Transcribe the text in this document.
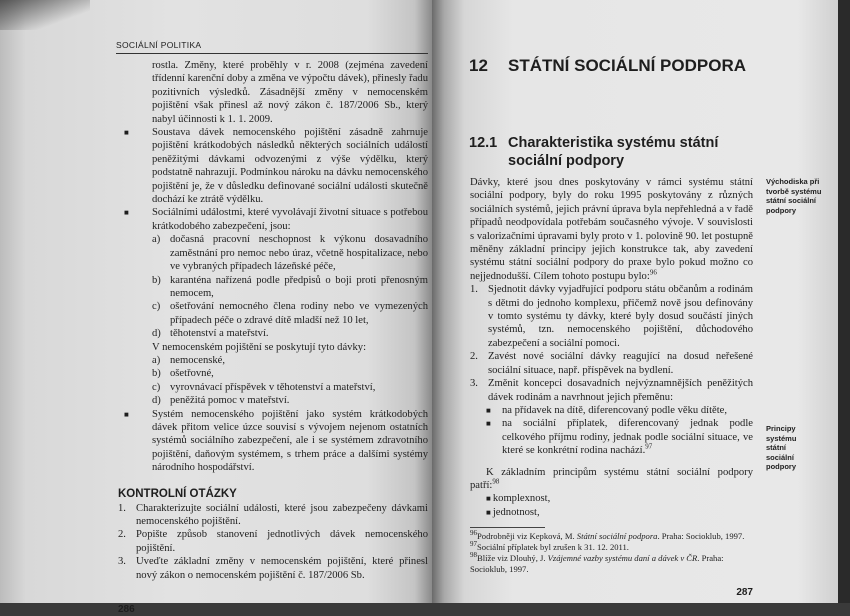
SOCIÁLNÍ POLITIKA

rostla. Změny, které proběhly v r. 2008 (zejména zavedení třídenní karenční doby a změna ve výpočtu dávek), přinesly řadu pozitivních výsledků. Zásadnější změny v nemocenském pojištění však přinesl až nový zákon č. 187/2006 Sb., který nabyl účinnosti k 1. 1. 2009.

■ Soustava dávek nemocenského pojištění zásadně zahrnuje pojištění krátkodobých následků některých sociálních událostí peněžitými dávkami odvozenými z výše výdělku, který podstatně nahrazují. Podmínkou nároku na dávku nemocenského pojištění je, že v důsledku definované sociální události skutečně dochází ke ztrátě výdělku.

■ Sociálními událostmi, které vyvolávají životní situace s potřebou krátkodobého zabezpečení, jsou:

a) dočasná pracovní neschopnost k výkonu dosavadního zaměstnání pro nemoc nebo úraz, včetně hospitalizace, nebo ve vybraných případech lázeňské péče,

b) karanténa nařízená podle předpisů o boji proti přenosným nemocem,

c) ošetřování nemocného člena rodiny nebo ve vymezených případech péče o zdravé dítě mladší než 10 let,

d) těhotenství a mateřství.

V nemocenském pojištění se poskytují tyto dávky:

a) nemocenské,

b) ošetřovné,

c) vyrovnávací příspěvek v těhotenství a mateřství,

d) peněžitá pomoc v mateřství.

■ Systém nemocenského pojištění jako systém krátkodobých dávek přitom velice úzce souvisí s vývojem nejenom ostatních systémů sociálního zabezpečení, ale i se systémem zdravotního pojištění, daňovým systémem, s trhem práce a dalšími systémy národního hospodářství.

KONTROLNÍ OTÁZKY

1. Charakterizujte sociální události, které jsou zabezpečeny dávkami nemocenského pojištění.

2. Popište způsob stanovení jednotlivých dávek nemocenského pojištění.

3. Uveďte základní změny v nemocenském pojištění, které přinesl nový zákon o nemocenském pojištění č. 187/2006 Sb.

286
12	STÁTNÍ SOCIÁLNÍ PODPORA
12.1 Charakteristika systému státní sociální podpory

Dávky, které jsou dnes poskytovány v rámci systému státní sociální podpory, byly do roku 1995 poskytovány z různých sociálních systémů, jejich právní úprava byla nepřehledná a v řadě případů neodpovídala potřebám současného vývoje. V souvislosti s valorizačními úpravami byly proto v 1. polovině 90. let postupně měněny základní principy jejich konstrukce tak, aby zavedení systému státní sociální podpory do praxe bylo pokud možno co nejjednodušší. Cílem tohoto postupu bylo:$^{96}$

1. Sjednotit dávky vyjadřující podporu státu občanům a rodinám s dětmi do jednoho komplexu, přičemž nově jsou definovány v tomto systému ty dávky, které byly dosud součástí jiných systémů, tzn. nemocenského pojištění, důchodového zabezpečení a sociální pomoci.

2. Zavést nové sociální dávky reagující na dosud neřešené sociální situace, např. příspěvek na bydlení.

3. Změnit koncepci dosavadních nejvýznamnějších peněžitých dávek rodinám a navrhnout jejich přeměnu:

■ na přídavek na dítě, diferencovaný podle věku dítěte,

■ na sociální příplatek, diferencovaný jednak podle celkového příjmu rodiny, jednak podle sociální situace, ve které se konkrétní rodina nachází.$^{97}$

K základním principům systému státní sociální podpory patří:$^{98}$

■ komplexnost,

■ jednotnost,

$^{96}$Podrobněji viz Kepková, M. Státní sociální podpora. Praha: Socioklub, 1997.

$^{97}$Sociální příplatek byl zrušen k 31. 12. 2011.

$^{98}$Blíže viz Dlouhý, J. Vzájemné vazby systému daní a dávek v ČR. Praha: Socioklub, 1997.

287
Východiska při tvorbě systému státní sociální podpory
Principy systému státní sociální podpory
